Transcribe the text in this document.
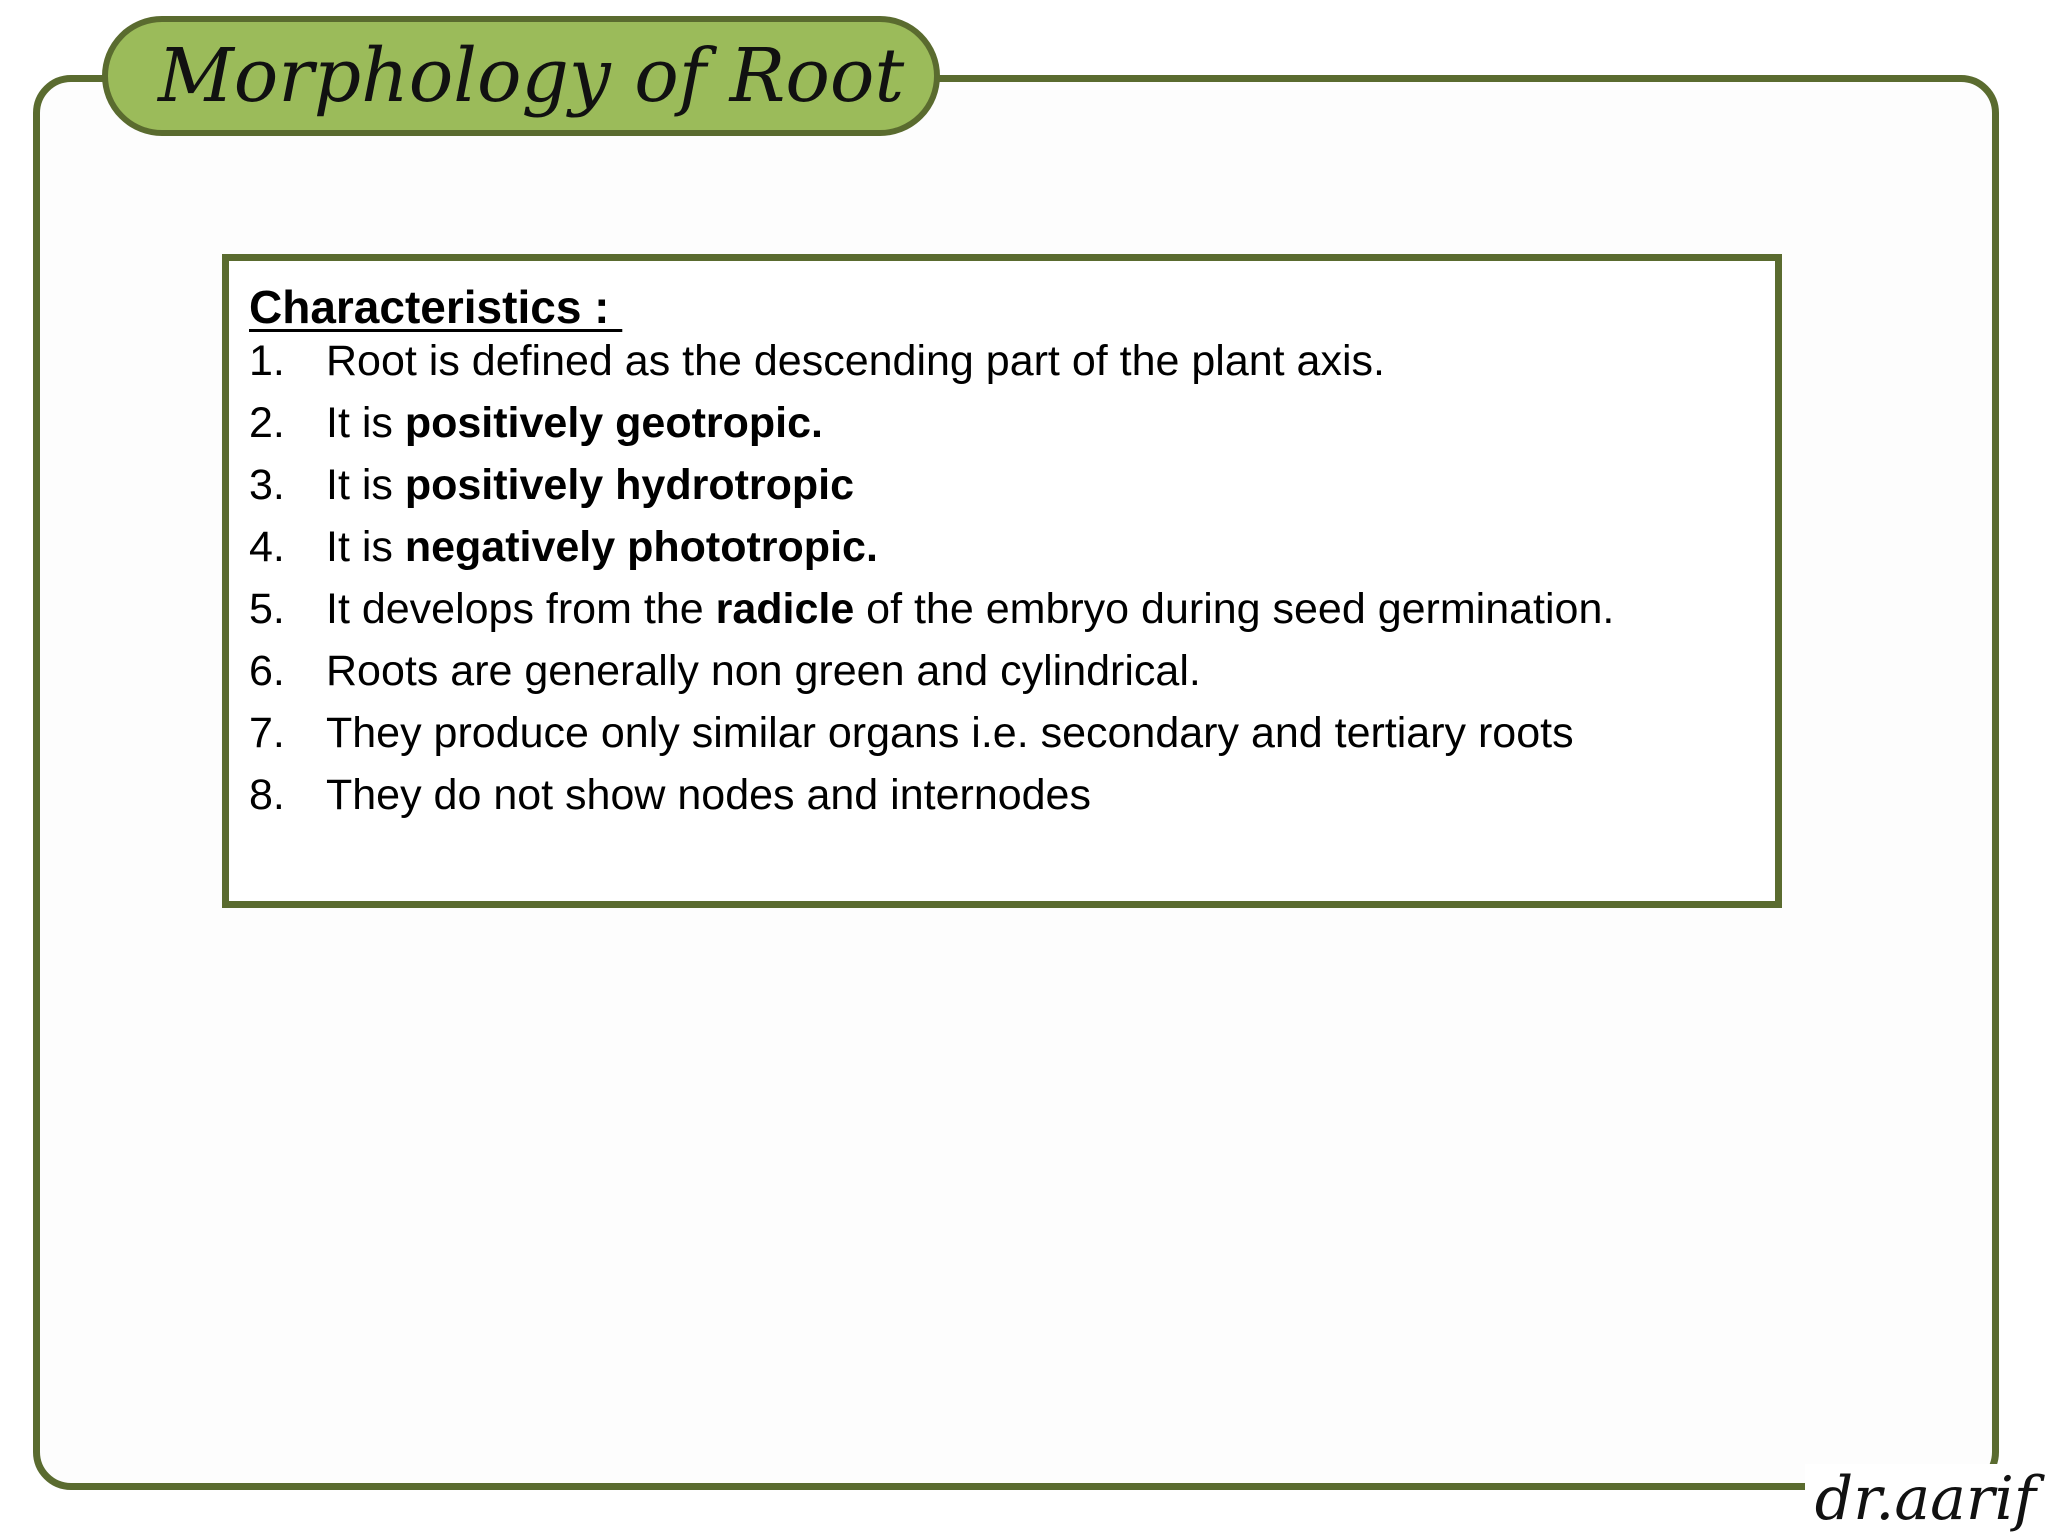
Morphology of Root
Characteristics :
1. Root is defined as the descending part of the plant axis.
2. It is positively geotropic.
3. It is positively hydrotropic
4. It is negatively phototropic.
5. It develops from the radicle of the embryo during seed germination.
6. Roots are generally non green and cylindrical.
7. They produce only similar organs i.e. secondary and tertiary roots
8. They do not show nodes and internodes
dr.aarif
